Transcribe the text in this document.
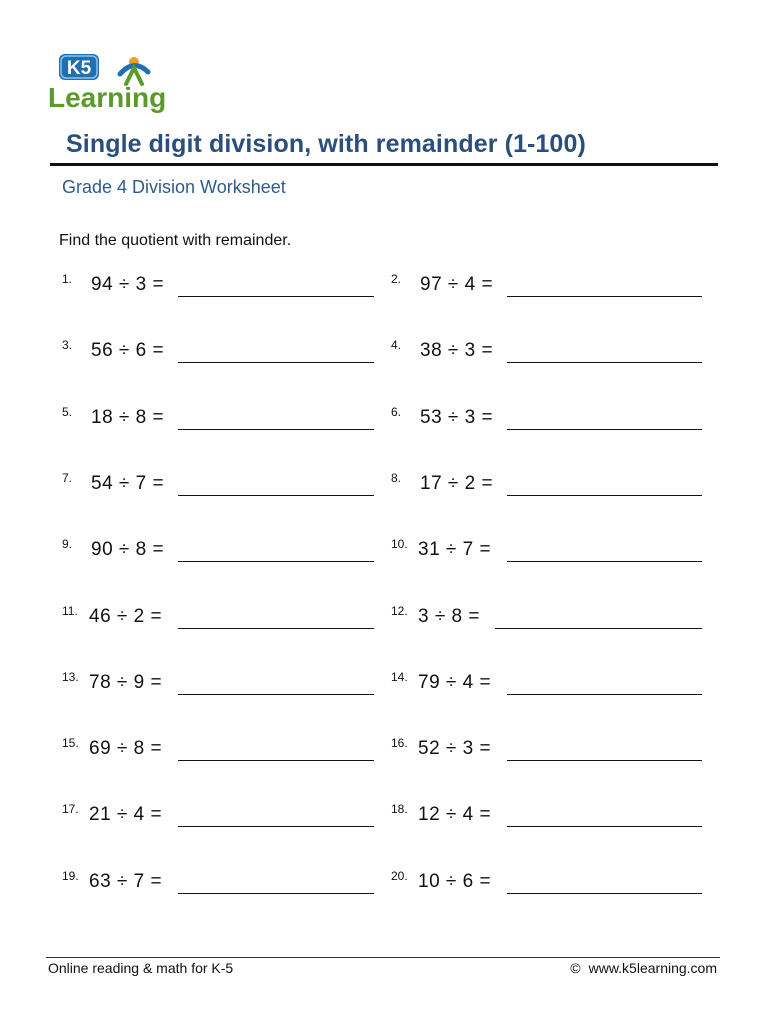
K5
Learning
Single digit division, with remainder (1-100)
Grade 4 Division Worksheet
Find the quotient with remainder.
1. 94 ÷ 3 =	2. 97 ÷ 4 =
3. 56 ÷ 6 =	4. 38 ÷ 3 =
5. 18 ÷ 8 =	6. 53 ÷ 3 =
7. 54 ÷ 7 =	8. 17 ÷ 2 =
9. 90 ÷ 8 =	10. 31 ÷ 7 =
11. 46 ÷ 2 =	12. 3 ÷ 8 =
13. 78 ÷ 9 =	14. 79 ÷ 4 =
15. 69 ÷ 8 =	16. 52 ÷ 3 =
17. 21 ÷ 4 =	18. 12 ÷ 4 =
19. 63 ÷ 7 =	20. 10 ÷ 6 =
Online reading & math for K-5	© www.k5learning.com
